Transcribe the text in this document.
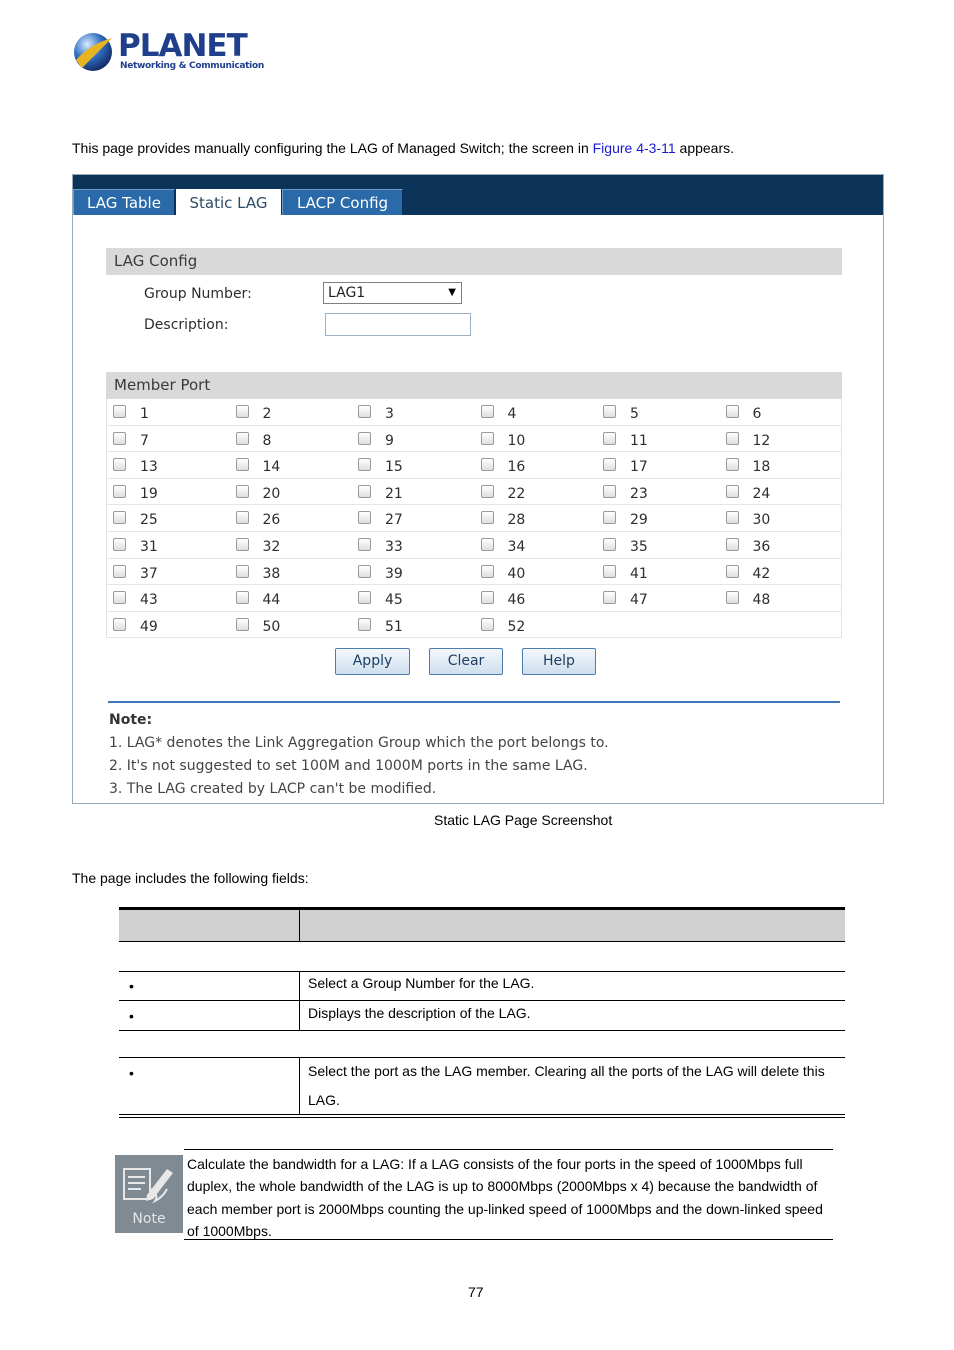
PLANET
Networking & Communication
This page provides manually configuring the LAG of Managed Switch; the screen in Figure 4-3-11 appears.
LAG Table	Static LAG	LACP Config
LAG Config
Group Number:	LAG1	▼
Description:
Member Port
1	2	3	4	5	6
7	8	9	10	11	12
13	14	15	16	17	18
19	20	21	22	23	24
25	26	27	28	29	30
31	32	33	34	35	36
37	38	39	40	41	42
43	44	45	46	47	48
49	50	51	52
Apply	Clear	Help
Note:
1. LAG* denotes the Link Aggregation Group which the port belongs to.
2. It's not suggested to set 100M and 1000M ports in the same LAG.
3. The LAG created by LACP can't be modified.
Static LAG Page Screenshot
The page includes the following fields:
•	Select a Group Number for the LAG.
•	Displays the description of the LAG.
•	Select the port as the LAG member. Clearing all the ports of the LAG will delete this
LAG.
Note
Calculate the bandwidth for a LAG: If a LAG consists of the four ports in the speed of 1000Mbps full duplex, the whole bandwidth of the LAG is up to 8000Mbps (2000Mbps x 4) because the bandwidth of each member port is 2000Mbps counting the up-linked speed of 1000Mbps and the down-linked speed of 1000Mbps.
77
